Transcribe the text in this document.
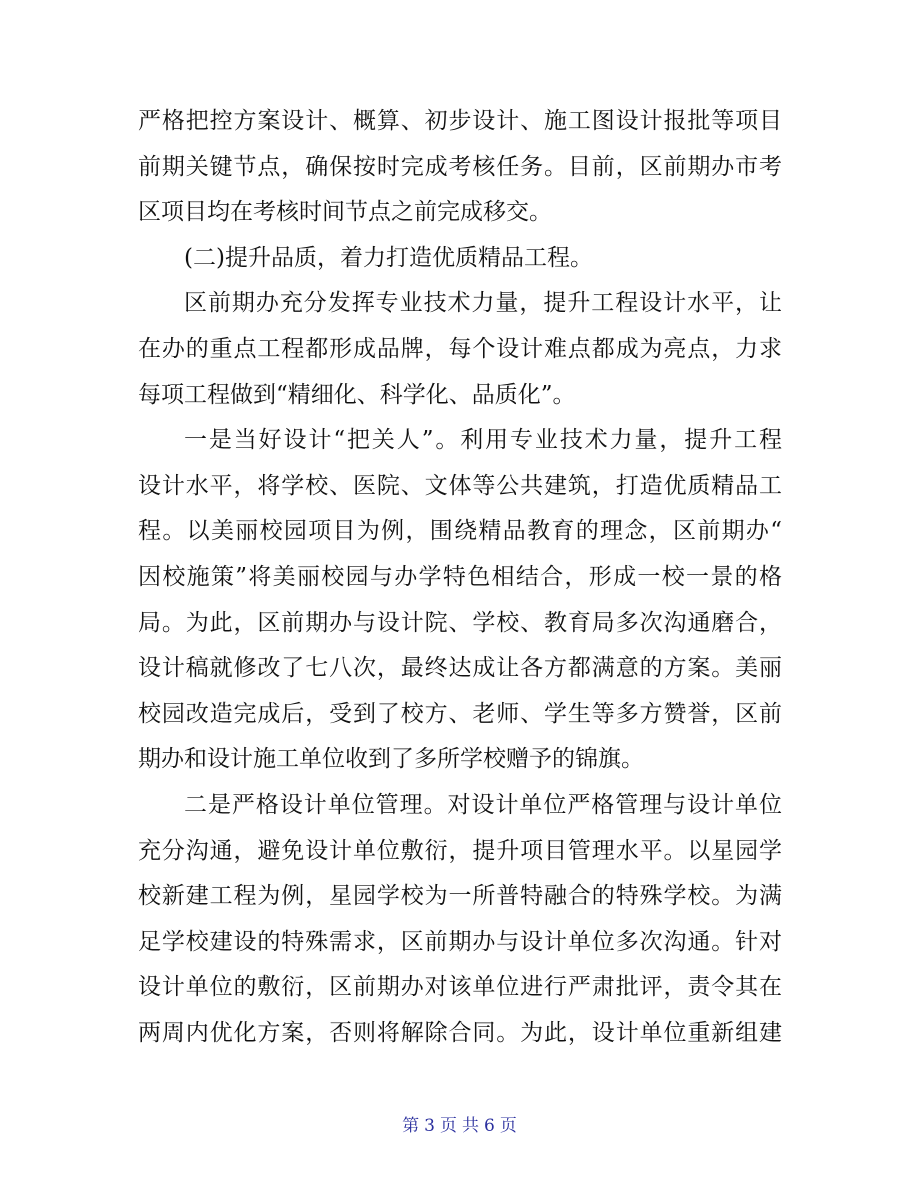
严格把控方案设计、概算、初步设计、施工图设计报批等项目
前期关键节点，确保按时完成考核任务。目前，区前期办市考
区项目均在考核时间节点之前完成移交。
(二)提升品质，着力打造优质精品工程。
区前期办充分发挥专业技术力量，提升工程设计水平，让
在办的重点工程都形成品牌，每个设计难点都成为亮点，力求
每项工程做到“精细化、科学化、品质化”。
一是当好设计“把关人”。利用专业技术力量，提升工程
设计水平，将学校、医院、文体等公共建筑，打造优质精品工
程。以美丽校园项目为例，围绕精品教育的理念，区前期办“
因校施策”将美丽校园与办学特色相结合，形成一校一景的格
局。为此，区前期办与设计院、学校、教育局多次沟通磨合，
设计稿就修改了七八次，最终达成让各方都满意的方案。美丽
校园改造完成后，受到了校方、老师、学生等多方赞誉，区前
期办和设计施工单位收到了多所学校赠予的锦旗。
二是严格设计单位管理。对设计单位严格管理与设计单位
充分沟通，避免设计单位敷衍，提升项目管理水平。以星园学
校新建工程为例，星园学校为一所普特融合的特殊学校。为满
足学校建设的特殊需求，区前期办与设计单位多次沟通。针对
设计单位的敷衍，区前期办对该单位进行严肃批评，责令其在
两周内优化方案，否则将解除合同。为此，设计单位重新组建
第 3 页 共 6 页
